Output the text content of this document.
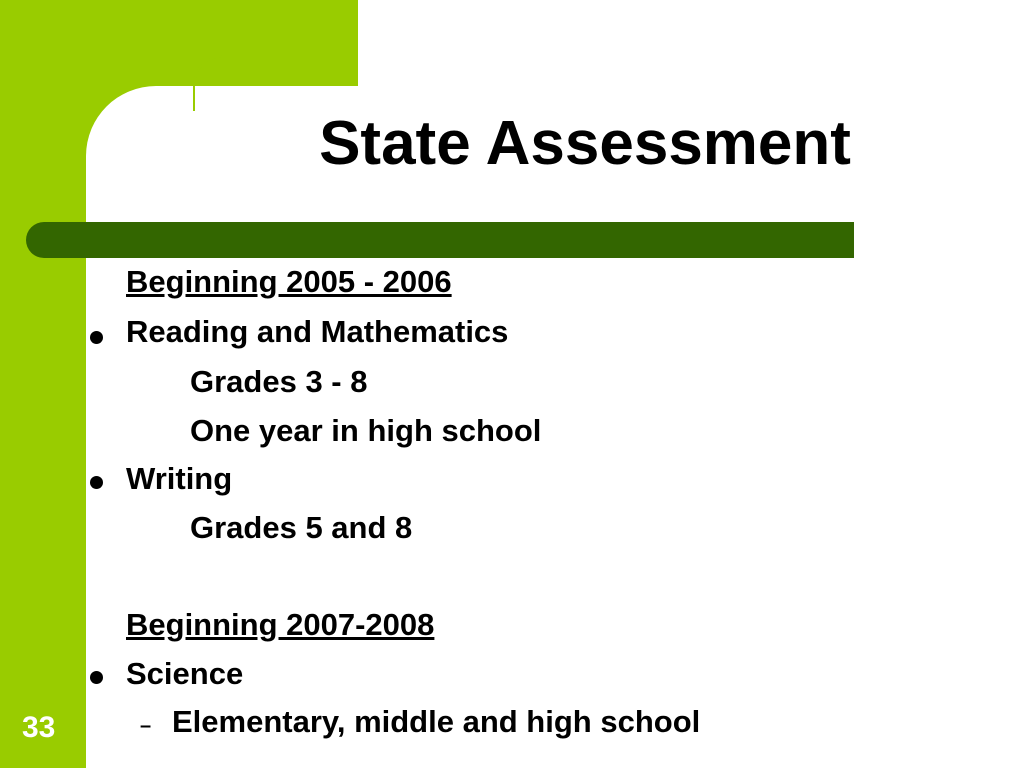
State Assessment
Beginning 2005 - 2006
Reading and Mathematics
Grades 3 - 8
One year in high school
Writing
Grades 5 and 8
Beginning 2007-2008
Science
– Elementary, middle and high school
33
